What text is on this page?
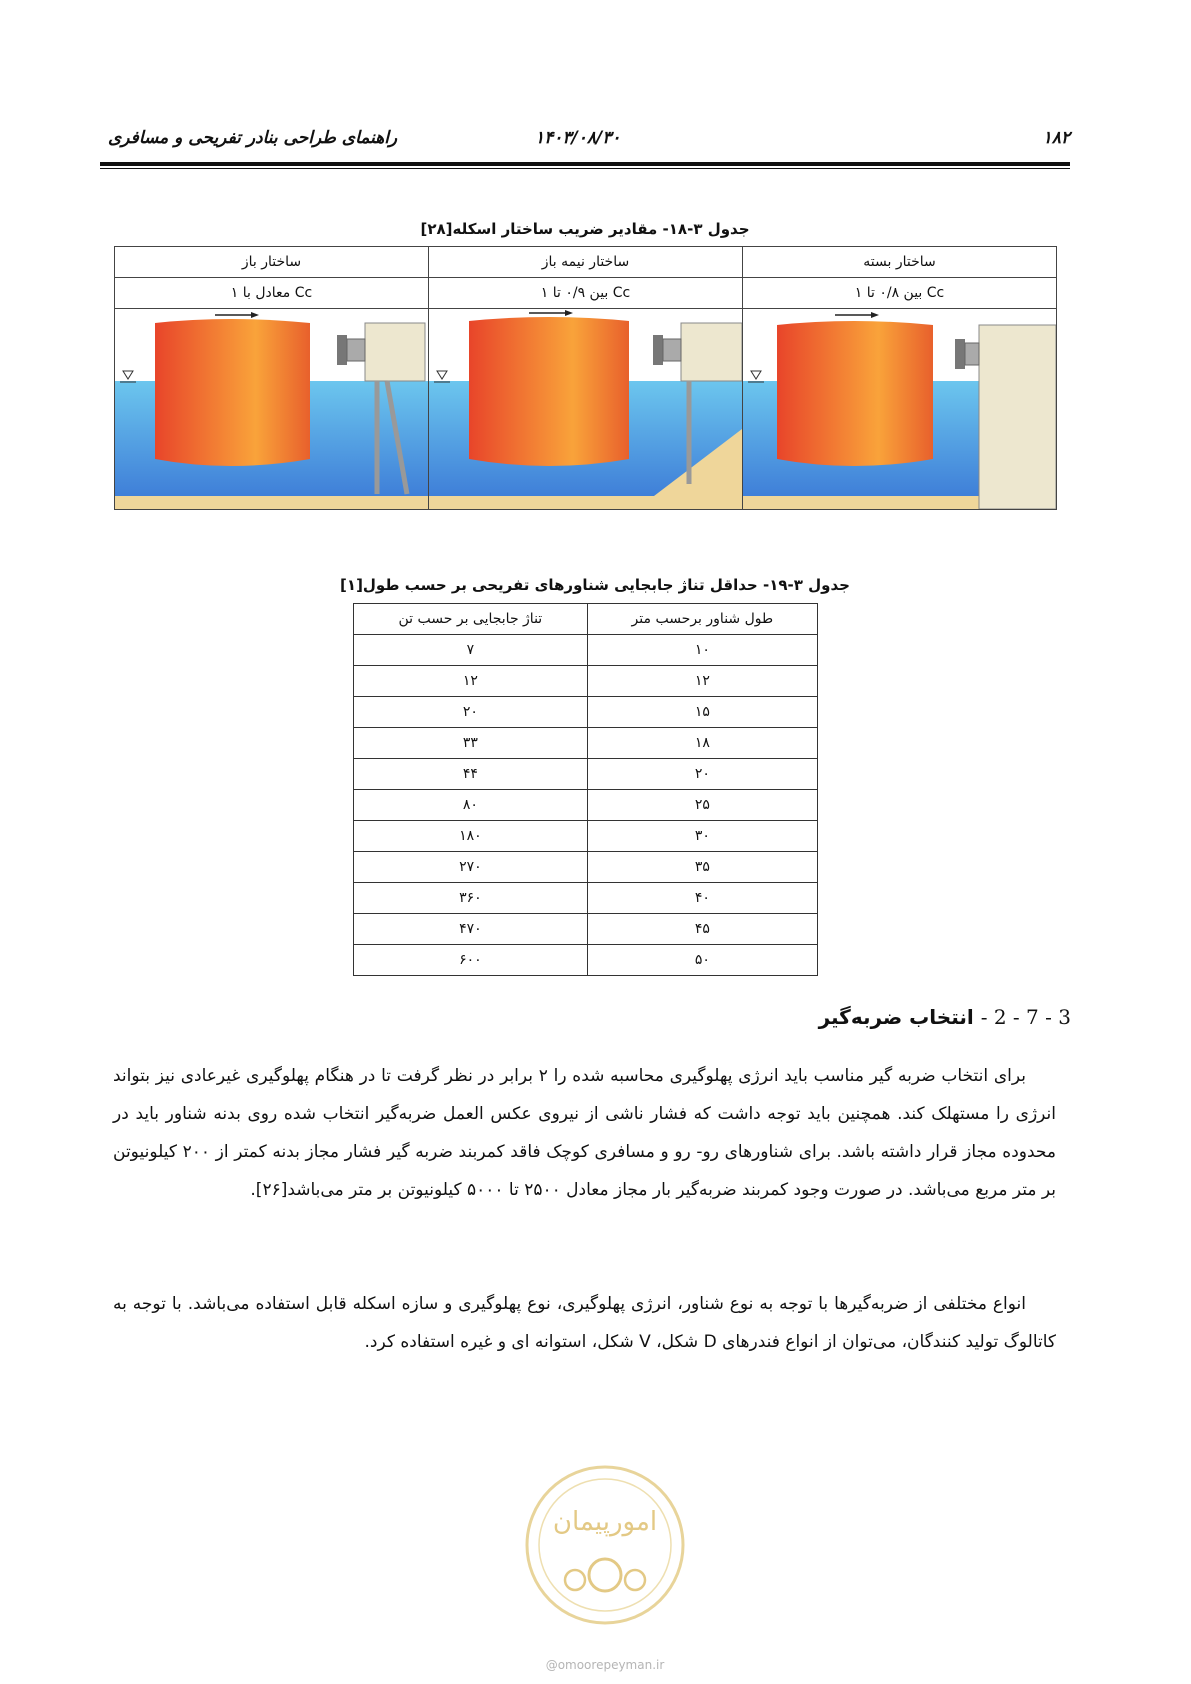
۱۸۲
۱۴۰۳/۰۸/۳۰
راهنمای طراحی بنادر تفریحی و مسافری
جدول ۳-۱۸- مقادیر ضریب ساختار اسکله[۲۸]
ساختار بسته	ساختار نیمه باز	ساختار باز
Cc بین ۰/۸ تا ۱	Cc بین ۰/۹ تا ۱	Cc معادل با ۱

جدول ۳-۱۹- حداقل تناژ جابجایی شناورهای تفریحی بر حسب طول[۱]
طول شناور برحسب متر	تناژ جابجایی بر حسب تن
۱۰	۷
۱۲	۱۲
۱۵	۲۰
۱۸	۳۳
۲۰	۴۴
۲۵	۸۰
۳۰	۱۸۰
۳۵	۲۷۰
۴۰	۳۶۰
۴۵	۴۷۰
۵۰	۶۰۰
3 - 7 - 2 - انتخاب ضربه‌گیر
برای انتخاب ضربه گیر مناسب باید انرژی پهلوگیری محاسبه شده را ۲ برابر در نظر گرفت تا در هنگام پهلوگیری غیرعادی نیز بتواند انرژی را مستهلک کند. همچنین باید توجه داشت که فشار ناشی از نیروی عکس العمل ضربه‌گیر انتخاب شده روی بدنه شناور باید در محدوده مجاز قرار داشته باشد. برای شناورهای رو- رو و مسافری کوچک فاقد کمربند ضربه گیر فشار مجاز بدنه کمتر از ۲۰۰ کیلونیوتن بر متر مربع می‌باشد. در صورت وجود کمربند ضربه‌گیر بار مجاز معادل ۲۵۰۰ تا ۵۰۰۰ کیلونیوتن بر متر می‌باشد[۲۶].
انواع مختلفی از ضربه‌گیرها با توجه به نوع شناور، انرژی پهلوگیری، نوع پهلوگیری و سازه اسکله قابل استفاده می‌باشد. با توجه به کاتالوگ تولید کنندگان، می‌توان از انواع فندرهای D شکل، V شکل، استوانه ای و غیره استفاده کرد.
امورپیمان
@omoorepeyman.ir
